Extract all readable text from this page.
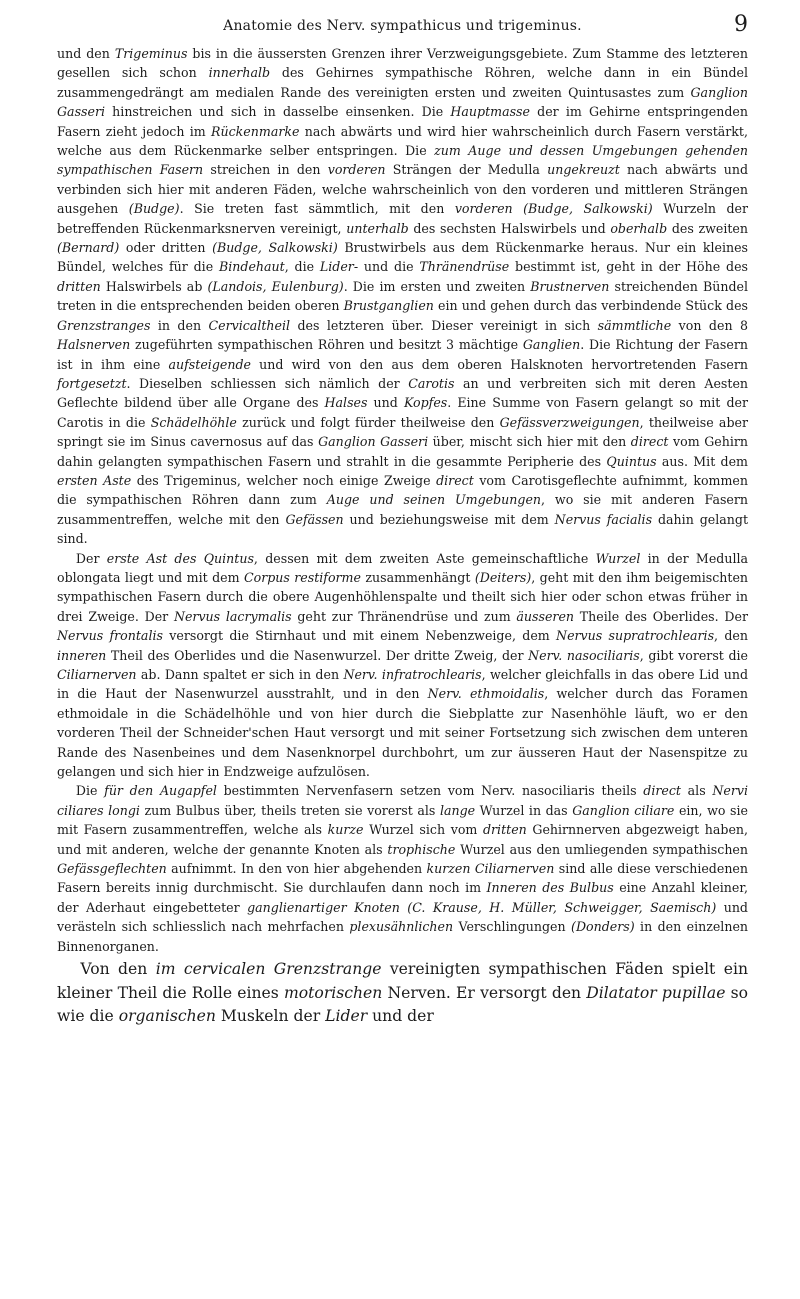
Anatomie des Nerv. sympathicus und trigeminus.	9

und den Trigeminus bis in die äussersten Grenzen ihrer Verzweigungsgebiete. Zum Stamme des letzteren gesellen sich schon innerhalb des Gehirnes sympathische Röhren, welche dann in ein Bündel zusammengedrängt am medialen Rande des vereinigten ersten und zweiten Quintusastes zum Ganglion Gasseri hinstreichen und sich in dasselbe einsenken. Die Hauptmasse der im Gehirne entspringenden Fasern zieht jedoch im Rückenmarke nach abwärts und wird hier wahrscheinlich durch Fasern verstärkt, welche aus dem Rückenmarke selber entspringen. Die zum Auge und dessen Umgebungen gehenden sympathischen Fasern streichen in den vorderen Strängen der Medulla ungekreuzt nach abwärts und verbinden sich hier mit anderen Fäden, welche wahrscheinlich von den vorderen und mittleren Strängen ausgehen (Budge). Sie treten fast sämmtlich, mit den vorderen (Budge, Salkowski) Wurzeln der betreffenden Rückenmarksnerven vereinigt, unterhalb des sechsten Halswirbels und oberhalb des zweiten (Bernard) oder dritten (Budge, Salkowski) Brustwirbels aus dem Rückenmarke heraus. Nur ein kleines Bündel, welches für die Bindehaut, die Lider- und die Thränendrüse bestimmt ist, geht in der Höhe des dritten Halswirbels ab (Landois, Eulenburg). Die im ersten und zweiten Brustnerven streichenden Bündel treten in die entsprechenden beiden oberen Brustganglien ein und gehen durch das verbindende Stück des Grenzstranges in den Cervicaltheil des letzteren über. Dieser vereinigt in sich sämmtliche von den 8 Halsnerven zugeführten sympathischen Röhren und besitzt 3 mächtige Ganglien. Die Richtung der Fasern ist in ihm eine aufsteigende und wird von den aus dem oberen Halsknoten hervortretenden Fasern fortgesetzt. Dieselben schliessen sich nämlich der Carotis an und verbreiten sich mit deren Aesten Geflechte bildend über alle Organe des Halses und Kopfes. Eine Summe von Fasern gelangt so mit der Carotis in die Schädelhöhle zurück und folgt fürder theilweise den Gefässverzweigungen, theilweise aber springt sie im Sinus cavernosus auf das Ganglion Gasseri über, mischt sich hier mit den direct vom Gehirn dahin gelangten sympathischen Fasern und strahlt in die gesammte Peripherie des Quintus aus. Mit dem ersten Aste des Trigeminus, welcher noch einige Zweige direct vom Carotisgeflechte aufnimmt, kommen die sympathischen Röhren dann zum Auge und seinen Umgebungen, wo sie mit anderen Fasern zusammentreffen, welche mit den Gefässen und beziehungsweise mit dem Nervus facialis dahin gelangt sind.

Der erste Ast des Quintus, dessen mit dem zweiten Aste gemeinschaftliche Wurzel in der Medulla oblongata liegt und mit dem Corpus restiforme zusammenhängt (Deiters), geht mit den ihm beigemischten sympathischen Fasern durch die obere Augenhöhlenspalte und theilt sich hier oder schon etwas früher in drei Zweige. Der Nervus lacrymalis geht zur Thränendrüse und zum äusseren Theile des Oberlides. Der Nervus frontalis versorgt die Stirnhaut und mit einem Nebenzweige, dem Nervus supratrochlearis, den inneren Theil des Oberlides und die Nasenwurzel. Der dritte Zweig, der Nerv. nasociliaris, gibt vorerst die Ciliarnerven ab. Dann spaltet er sich in den Nerv. infratrochlearis, welcher gleichfalls in das obere Lid und in die Haut der Nasenwurzel ausstrahlt, und in den Nerv. ethmoidalis, welcher durch das Foramen ethmoidale in die Schädelhöhle und von hier durch die Siebplatte zur Nasenhöhle läuft, wo er den vorderen Theil der Schneider'schen Haut versorgt und mit seiner Fortsetzung sich zwischen dem unteren Rande des Nasenbeines und dem Nasenknorpel durchbohrt, um zur äusseren Haut der Nasenspitze zu gelangen und sich hier in Endzweige aufzulösen.

Die für den Augapfel bestimmten Nervenfasern setzen vom Nerv. nasociliaris theils direct als Nervi ciliares longi zum Bulbus über, theils treten sie vorerst als lange Wurzel in das Ganglion ciliare ein, wo sie mit Fasern zusammentreffen, welche als kurze Wurzel sich vom dritten Gehirnnerven abgezweigt haben, und mit anderen, welche der genannte Knoten als trophische Wurzel aus den umliegenden sympathischen Gefässgeflechten aufnimmt. In den von hier abgehenden kurzen Ciliarnerven sind alle diese verschiedenen Fasern bereits innig durchmischt. Sie durchlaufen dann noch im Inneren des Bulbus eine Anzahl kleiner, der Aderhaut eingebetteter ganglienartiger Knoten (C. Krause, H. Müller, Schweigger, Saemisch) und verästeln sich schliesslich nach mehrfachen plexusähnlichen Verschlingungen (Donders) in den einzelnen Binnenorganen.

Von den im cervicalen Grenzstrange vereinigten sympathischen Fäden spielt ein kleiner Theil die Rolle eines motorischen Nerven. Er versorgt den Dilatator pupillae so wie die organischen Muskeln der Lider und der
